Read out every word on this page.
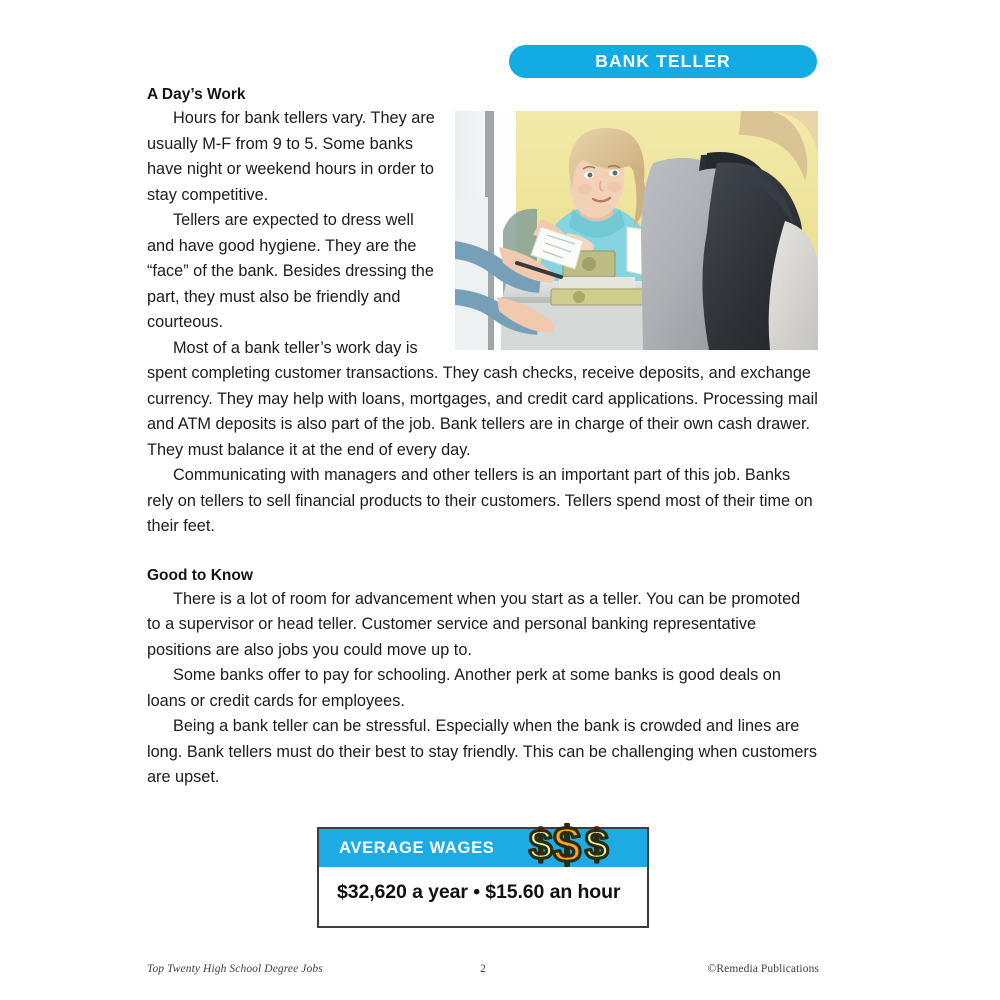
BANK TELLER
A Day’s Work

Hours for bank tellers vary. They are usually M-F from 9 to 5. Some banks have night or weekend hours in order to stay competitive.

Tellers are expected to dress well and have good hygiene. They are the “face” of the bank. Besides dressing the part, they must also be friendly and courteous.

Most of a bank teller’s work day is spent completing customer transactions. They cash checks, receive deposits, and exchange currency. They may help with loans, mortgages, and credit card applications. Processing mail and ATM deposits is also part of the job. Bank tellers are in charge of their own cash drawer. They must balance it at the end of every day.

Communicating with managers and other tellers is an important part of this job. Banks rely on tellers to sell financial products to their customers. Tellers spend most of their time on their feet.

Good to Know

There is a lot of room for advancement when you start as a teller. You can be promoted to a supervisor or head teller. Customer service and personal banking representative positions are also jobs you could move up to.

Some banks offer to pay for schooling. Another perk at some banks is good deals on loans or credit cards for employees.

Being a bank teller can be stressful. Especially when the bank is crowded and lines are long. Bank tellers must do their best to stay friendly. This can be challenging when customers are upset.

AVERAGE WAGES $ $
$
$32,620 a year • $15.60 an hour
Top Twenty High School Degree Jobs	2	©Remedia Publications
